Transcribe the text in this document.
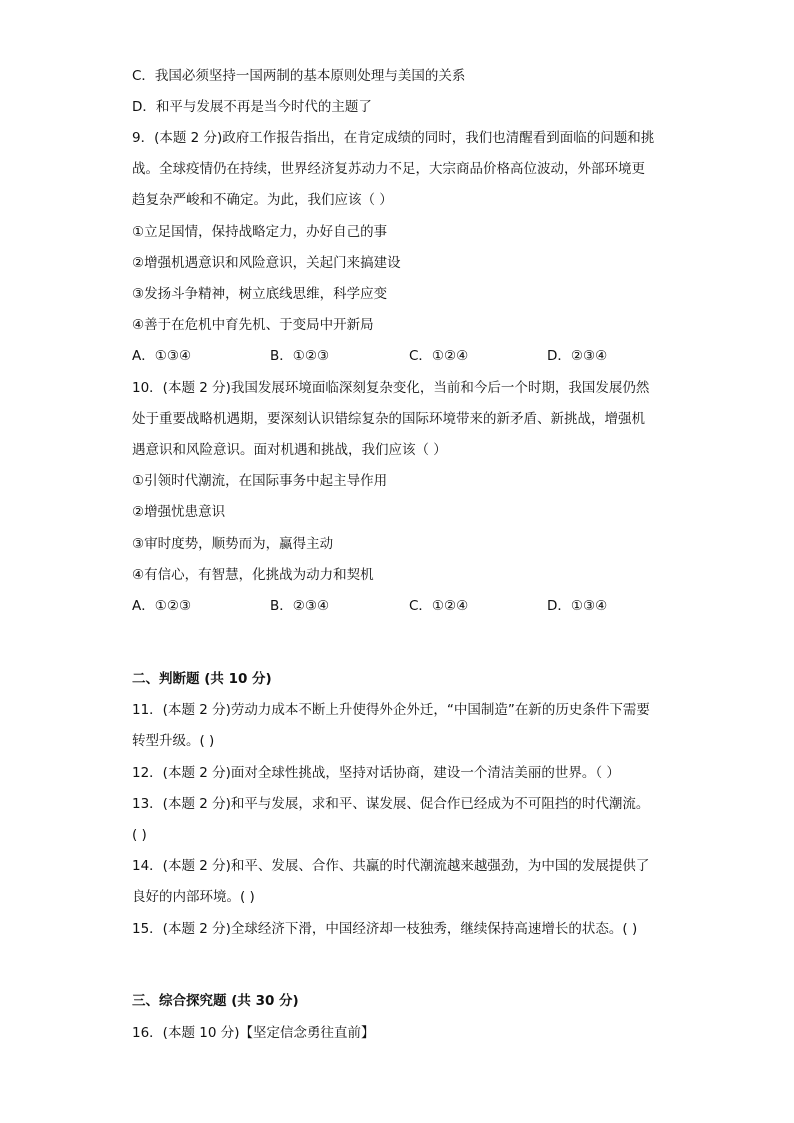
C．我国必须坚持一国两制的基本原则处理与美国的关系
D．和平与发展不再是当今时代的主题了
9．(本题 2 分)政府工作报告指出，在肯定成绩的同时，我们也清醒看到面临的问题和挑
战。全球疫情仍在持续，世界经济复苏动力不足，大宗商品价格高位波动，外部环境更
趋复杂严峻和不确定。为此，我们应该（ ）
①立足国情，保持战略定力，办好自己的事
②增强机遇意识和风险意识，关起门来搞建设
③发扬斗争精神，树立底线思维，科学应变
④善于在危机中育先机、于变局中开新局
A．①③④	B．①②③	C．①②④	D．②③④
10．(本题 2 分)我国发展环境面临深刻复杂变化，当前和今后一个时期，我国发展仍然
处于重要战略机遇期，要深刻认识错综复杂的国际环境带来的新矛盾、新挑战，增强机
遇意识和风险意识。面对机遇和挑战，我们应该（ ）
①引领时代潮流，在国际事务中起主导作用
②增强忧患意识
③审时度势，顺势而为，赢得主动
④有信心，有智慧，化挑战为动力和契机
A．①②③	B．②③④	C．①②④	D．①③④
二、判断题 (共 10 分)
11．(本题 2 分)劳动力成本不断上升使得外企外迁，“中国制造”在新的历史条件下需要
转型升级。( )
12．(本题 2 分)面对全球性挑战，坚持对话协商，建设一个清洁美丽的世界。（ ）
13．(本题 2 分)和平与发展，求和平、谋发展、促合作已经成为不可阻挡的时代潮流。
( )
14．(本题 2 分)和平、发展、合作、共赢的时代潮流越来越强劲，为中国的发展提供了
良好的内部环境。( )
15．(本题 2 分)全球经济下滑，中国经济却一枝独秀，继续保持高速增长的状态。( )
三、综合探究题 (共 30 分)
16．(本题 10 分)【坚定信念勇往直前】
